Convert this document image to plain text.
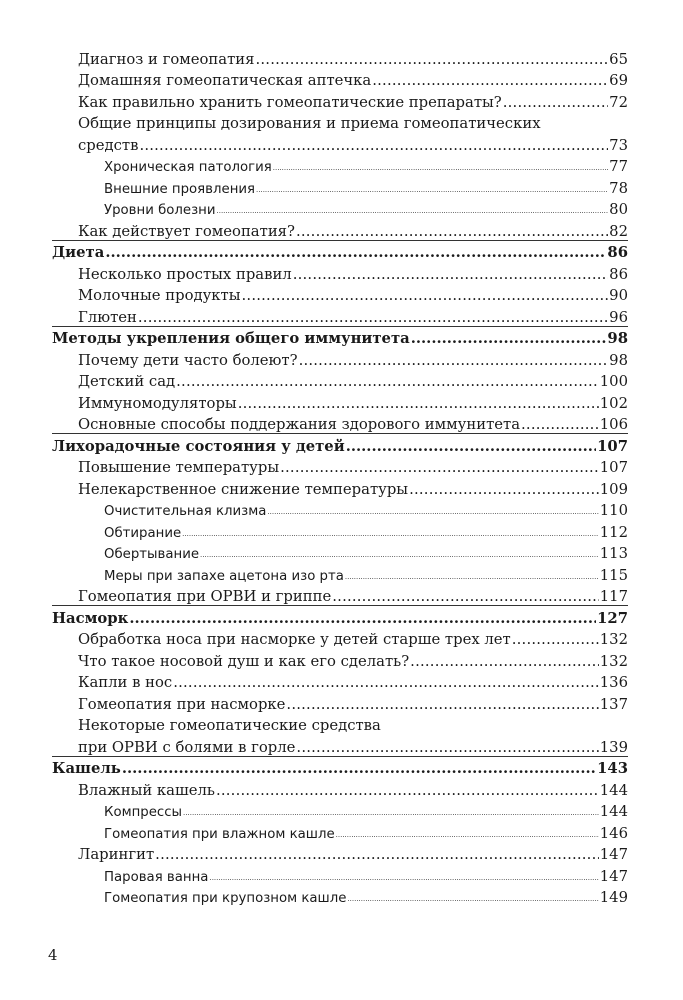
Диагноз и гомеопатия .....	65
Домашняя гомеопатическая аптечка .....	69
Как правильно хранить гомеопатические препараты? .....	72
Общие принципы дозирования и приема гомеопатических
средств .....	73
Хроническая патология .....	77
Внешние проявления .....	78
Уровни болезни .....	80
Как действует гомеопатия? .....	82
Диета .....	86
Несколько простых правил .....	86
Молочные продукты .....	90
Глютен .....	96
Методы укрепления общего иммунитета .....	98
Почему дети часто болеют? .....	98
Детский сад .....	100
Иммуномодуляторы .....	102
Основные способы поддержания здорового иммунитета .....	106
Лихорадочные состояния у детей .....	107
Повышение температуры .....	107
Нелекарственное снижение температуры .....	109
Очистительная клизма .....	110
Обтирание .....	112
Обертывание .....	113
Меры при запахе ацетона изо рта .....	115
Гомеопатия при ОРВИ и гриппе .....	117
Насморк .....	127
Обработка носа при насморке у детей старше трех лет .....	132
Что такое носовой душ и как его сделать? .....	132
Капли в нос .....	136
Гомеопатия при насморке .....	137
Некоторые гомеопатические средства
при ОРВИ с болями в горле .....	139
Кашель .....	143
Влажный кашель .....	144
Компрессы .....	144
Гомеопатия при влажном кашле .....	146
Ларингит .....	147
Паровая ванна .....	147
Гомеопатия при крупозном кашле .....	149
4
